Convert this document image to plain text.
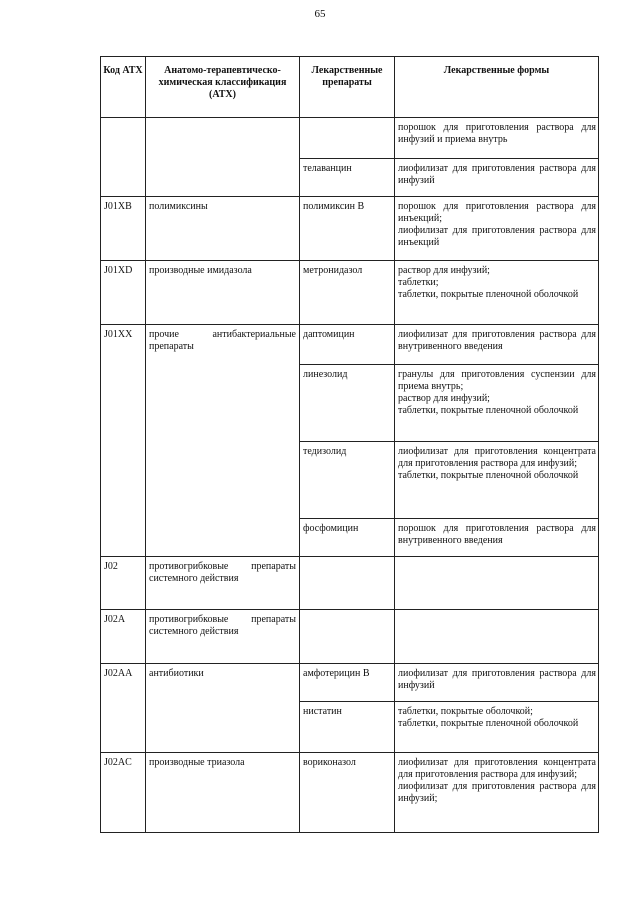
65
Код АТХ	Анатомо-терапевтическо-химическая классификация (АТХ)	Лекарственные препараты	Лекарственные формы
			порошок для приготовления раствора для инфузий и приема внутрь
		телаванцин	лиофилизат для приготовления раствора для инфузий
J01XB	полимиксины	полимиксин В	порошок для приготовления раствора для инъекций;
лиофилизат для приготовления раствора для инъекций

J01XD	производные имидазола	метронидазол	раствор для инфузий;
таблетки;
таблетки, покрытые пленочной оболочкой

J01XX	прочие антибактериальные препараты	даптомицин	лиофилизат для приготовления раствора для внутривенного введения
		линезолид	гранулы для приготовления суспензии для приема внутрь;
раствор для инфузий;
таблетки, покрытые пленочной оболочкой

		тедизолид	лиофилизат для приготовления концентрата для приготовления раствора для инфузий;
таблетки, покрытые пленочной оболочкой

		фосфомицин	порошок для приготовления раствора для внутривенного введения
J02	противогрибковые препараты системного действия		
J02A	противогрибковые препараты системного действия		
J02AA	антибиотики	амфотерицин В	лиофилизат для приготовления раствора для инфузий
		нистатин	таблетки, покрытые оболочкой;
таблетки, покрытые пленочной оболочкой

J02AC	производные триазола	вориконазол	лиофилизат для приготовления концентрата для приготовления раствора для инфузий;
лиофилизат для приготовления раствора для инфузий;
